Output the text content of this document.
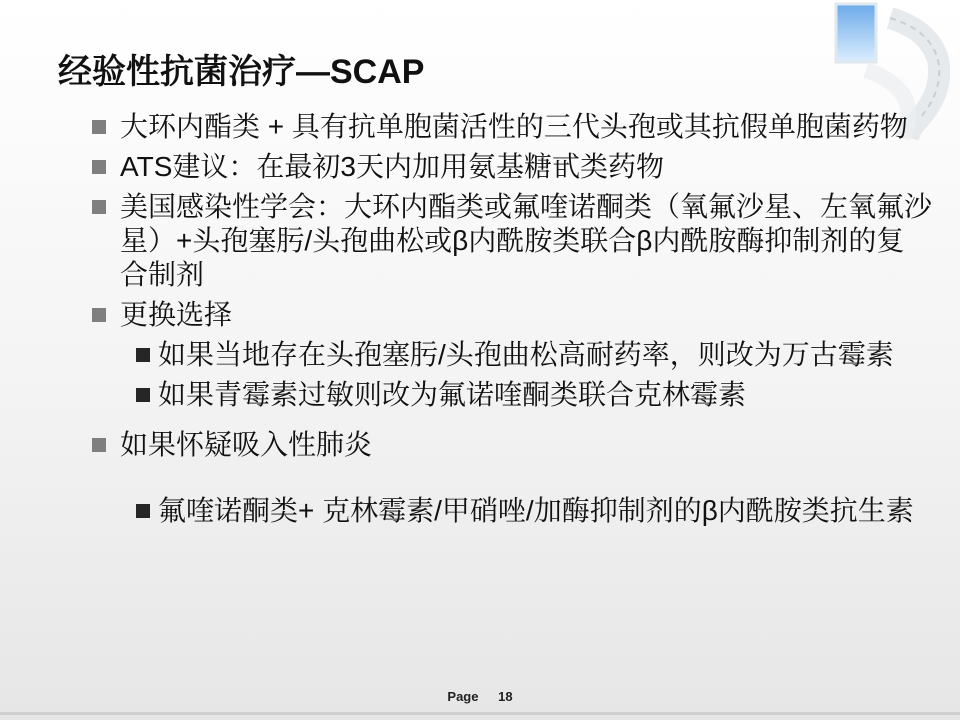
经验性抗菌治疗—SCAP
大环内酯类 + 具有抗单胞菌活性的三代头孢或其抗假单胞菌药物
ATS建议：在最初3天内加用氨基糖甙类药物
美国感染性学会：大环内酯类或氟喹诺酮类（氧氟沙星、左氧氟沙星）+头孢塞肟/头孢曲松或β内酰胺类联合β内酰胺酶抑制剂的复合制剂
更换选择
如果当地存在头孢塞肟/头孢曲松高耐药率，则改为万古霉素
如果青霉素过敏则改为氟诺喹酮类联合克林霉素
如果怀疑吸入性肺炎
氟喹诺酮类+ 克林霉素/甲硝唑/加酶抑制剂的β内酰胺类抗生素
Page 18
